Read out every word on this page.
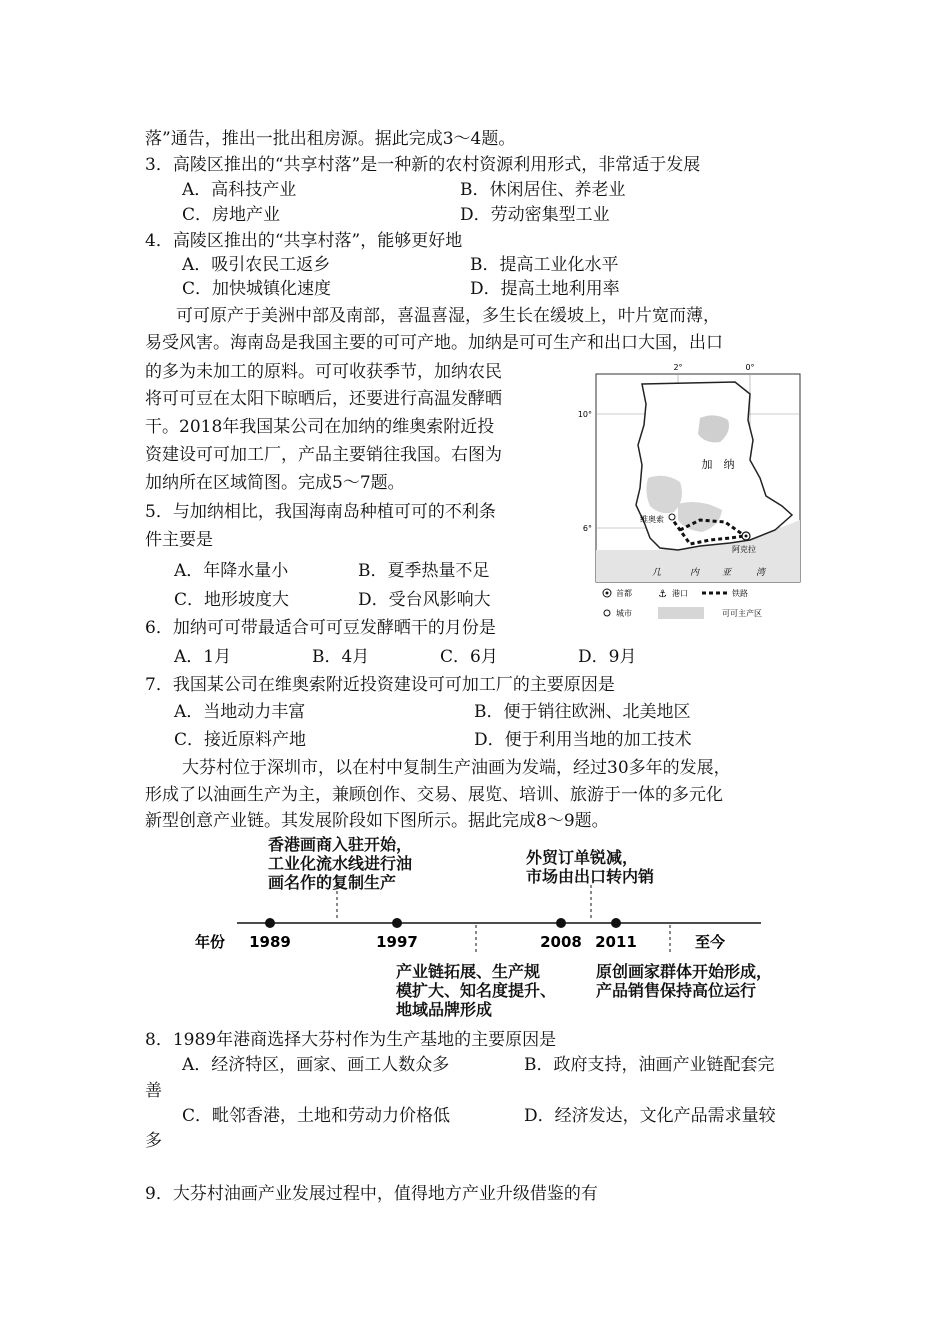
落”通告，推出一批出租房源。据此完成3～4题。
3．高陵区推出的“共享村落”是一种新的农村资源利用形式，非常适于发展
A．高科技产业	B．休闲居住、养老业
C．房地产业	D．劳动密集型工业
4．高陵区推出的“共享村落”，能够更好地
A．吸引农民工返乡	B．提高工业化水平
C．加快城镇化速度	D．提高土地利用率
可可原产于美洲中部及南部，喜温喜湿，多生长在缓坡上，叶片宽而薄，
易受风害。海南岛是我国主要的可可产地。加纳是可可生产和出口大国，出口
的多为未加工的原料。可可收获季节，加纳农民
将可可豆在太阳下晾晒后，还要进行高温发酵晒
干。2018年我国某公司在加纳的维奥索附近投
资建设可可加工厂，产品主要销往我国。右图为
加纳所在区域简图。完成5～7题。
5．与加纳相比，我国海南岛种植可可的不利条
件主要是
A．年降水量小	B．夏季热量不足
C．地形坡度大	D．受台风影响大
6．加纳可可带最适合可可豆发酵晒干的月份是
A．1月	B．4月	C．6月	D．9月
7．我国某公司在维奥索附近投资建设可可加工厂的主要原因是
A．当地动力丰富	B．便于销往欧洲、北美地区
C．接近原料产地	D．便于利用当地的加工技术
2°	0°
10°
6°
加　纳
维奥索
阿克拉
几	内	亚	湾
首都	⚓ 港口	铁路
城市	可可主产区
大芬村位于深圳市，以在村中复制生产油画为发端，经过30多年的发展，
形成了以油画生产为主，兼顾创作、交易、展览、培训、旅游于一体的多元化
新型创意产业链。其发展阶段如下图所示。据此完成8～9题。
香港画商入驻开始，
工业化流水线进行油
画名作的复制生产
外贸订单锐减，
市场由出口转内销
年份 1989	1997	2008 2011	至今
产业链拓展、生产规
模扩大、知名度提升、
地域品牌形成
原创画家群体开始形成，
产品销售保持高位运行
8．1989年港商选择大芬村作为生产基地的主要原因是
A．经济特区，画家、画工人数众多	B．政府支持，油画产业链配套完
善
C．毗邻香港，土地和劳动力价格低	D．经济发达，文化产品需求量较
多
9．大芬村油画产业发展过程中，值得地方产业升级借鉴的有
